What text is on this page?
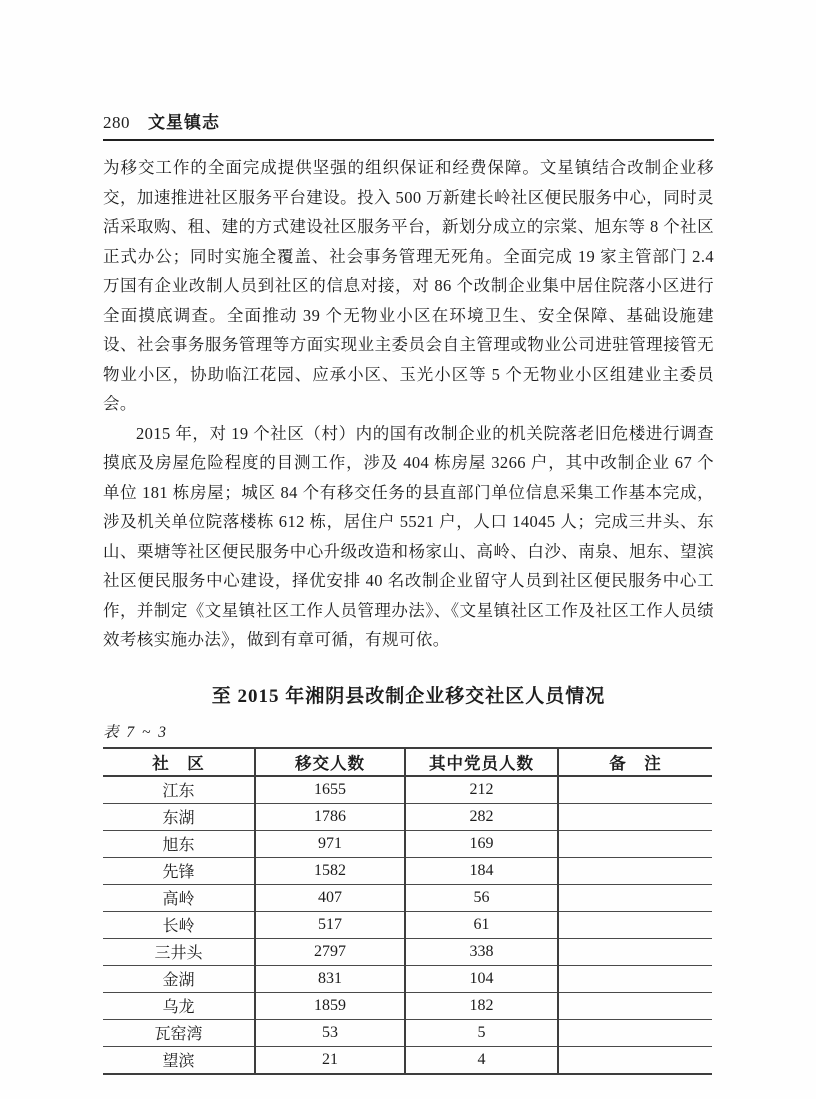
280 文星镇志

为移交工作的全面完成提供坚强的组织保证和经费保障。文星镇结合改制企业移交，加速推进社区服务平台建设。投入 500 万新建长岭社区便民服务中心，同时灵活采取购、租、建的方式建设社区服务平台，新划分成立的宗棠、旭东等 8 个社区正式办公；同时实施全覆盖、社会事务管理无死角。全面完成 19 家主管部门 2.4 万国有企业改制人员到社区的信息对接，对 86 个改制企业集中居住院落小区进行全面摸底调查。全面推动 39 个无物业小区在环境卫生、安全保障、基础设施建设、社会事务服务管理等方面实现业主委员会自主管理或物业公司进驻管理接管无物业小区，协助临江花园、应承小区、玉光小区等 5 个无物业小区组建业主委员会。

2015 年，对 19 个社区（村）内的国有改制企业的机关院落老旧危楼进行调查摸底及房屋危险程度的目测工作，涉及 404 栋房屋 3266 户，其中改制企业 67 个单位 181 栋房屋；城区 84 个有移交任务的县直部门单位信息采集工作基本完成，涉及机关单位院落楼栋 612 栋，居住户 5521 户，人口 14045 人；完成三井头、东山、栗塘等社区便民服务中心升级改造和杨家山、高岭、白沙、南泉、旭东、望滨社区便民服务中心建设，择优安排 40 名改制企业留守人员到社区便民服务中心工作，并制定《文星镇社区工作人员管理办法》、《文星镇社区工作及社区工作人员绩效考核实施办法》，做到有章可循，有规可依。

至 2015 年湘阴县改制企业移交社区人员情况
表 7 ~ 3
社　区	移交人数	其中党员人数	备　注
江东	1655	212	
东湖	1786	282	
旭东	971	169	
先锋	1582	184	
高岭	407	56	
长岭	517	61	
三井头	2797	338	
金湖	831	104	
乌龙	1859	182	
瓦窑湾	53	5	
望滨	21	4	
